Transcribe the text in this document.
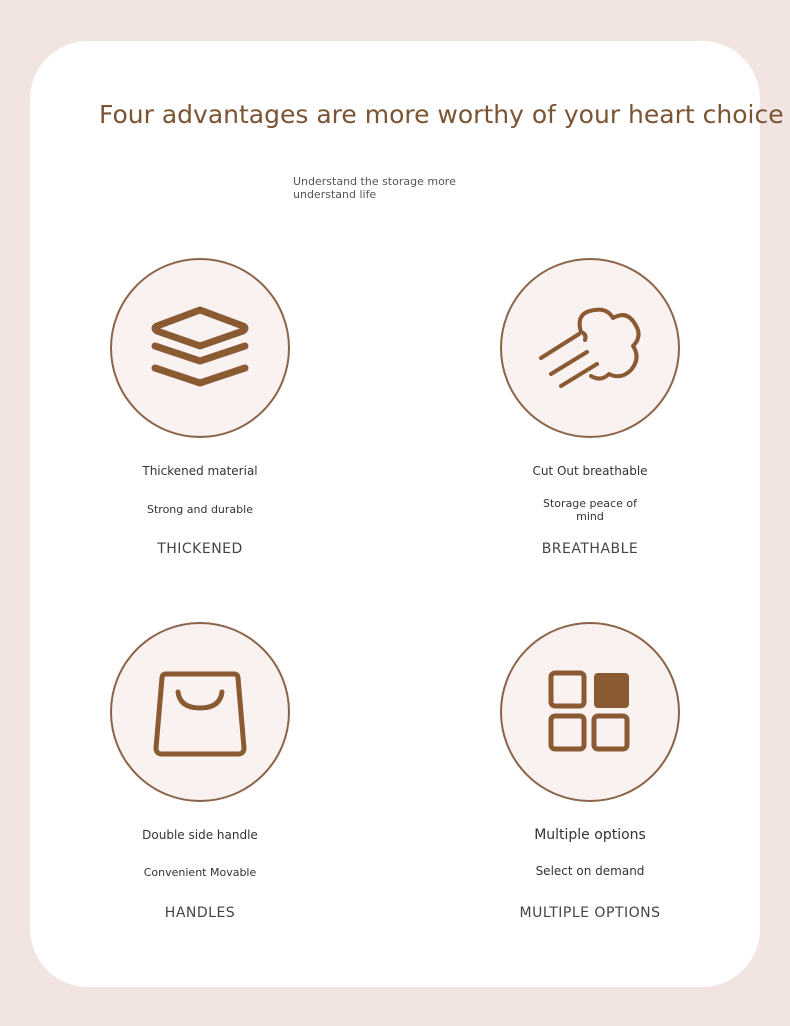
Four advantages are more worthy of your heart choice
Understand the storage more understand life
Thickened material
Strong and durable
THICKENED
Cut Out breathable
Storage peace of mind
BREATHABLE
Double side handle
Convenient Movable
HANDLES
Multiple options
Select on demand
MULTIPLE OPTIONS
